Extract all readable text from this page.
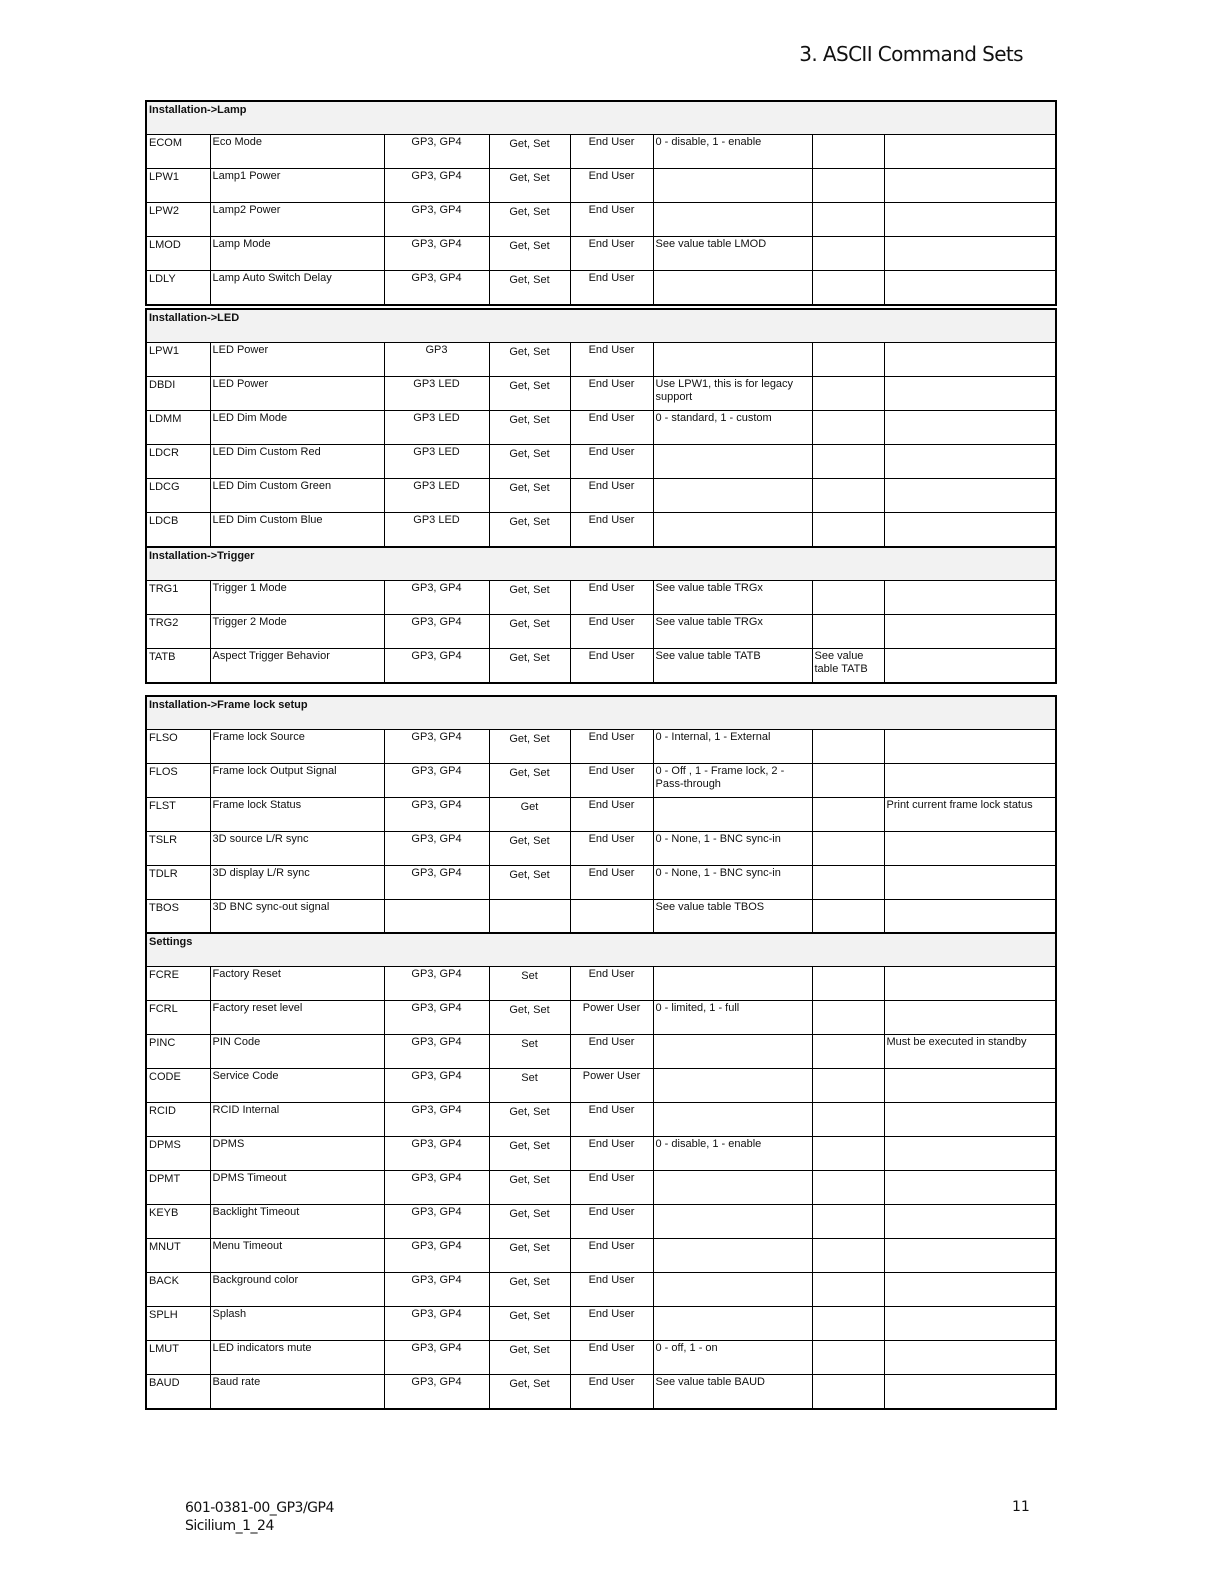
3. ASCII Command Sets
Installation->Lamp							
ECOM	Eco Mode	GP3, GP4	Get, Set	End User	0 - disable, 1 - enable		
LPW1	Lamp1 Power	GP3, GP4	Get, Set	End User			
LPW2	Lamp2 Power	GP3, GP4	Get, Set	End User			
LMOD	Lamp Mode	GP3, GP4	Get, Set	End User	See value table LMOD		
LDLY	Lamp Auto Switch Delay	GP3, GP4	Get, Set	End User			
Installation->LED							
LPW1	LED Power	GP3	Get, Set	End User			
DBDI	LED Power	GP3 LED	Get, Set	End User	Use LPW1, this is for legacy support		
LDMM	LED Dim Mode	GP3 LED	Get, Set	End User	0 - standard, 1 - custom		
LDCR	LED Dim Custom Red	GP3 LED	Get, Set	End User			
LDCG	LED Dim Custom Green	GP3 LED	Get, Set	End User			
LDCB	LED Dim Custom Blue	GP3 LED	Get, Set	End User			
Installation->Trigger							
TRG1	Trigger 1 Mode	GP3, GP4	Get, Set	End User	See value table TRGx		
TRG2	Trigger 2 Mode	GP3, GP4	Get, Set	End User	See value table TRGx		
TATB	Aspect Trigger Behavior	GP3, GP4	Get, Set	End User	See value table TATB	See value table TATB	
Installation->Frame lock setup							
FLSO	Frame lock Source	GP3, GP4	Get, Set	End User	0 - Internal, 1 - External		
FLOS	Frame lock Output Signal	GP3, GP4	Get, Set	End User	0 - Off , 1 - Frame lock, 2 - Pass-through		
FLST	Frame lock Status	GP3, GP4	Get	End User			Print current frame lock status
TSLR	3D source L/R sync	GP3, GP4	Get, Set	End User	0 - None, 1 - BNC sync-in		
TDLR	3D display L/R sync	GP3, GP4	Get, Set	End User	0 - None, 1 - BNC sync-in		
TBOS	3D BNC sync-out signal				See value table TBOS		
Settings							
FCRE	Factory Reset	GP3, GP4	Set	End User			
FCRL	Factory reset level	GP3, GP4	Get, Set	Power User	0 - limited, 1 - full		
PINC	PIN Code	GP3, GP4	Set	End User			Must be executed in standby
CODE	Service Code	GP3, GP4	Set	Power User			
RCID	RCID Internal	GP3, GP4	Get, Set	End User			
DPMS	DPMS	GP3, GP4	Get, Set	End User	0 - disable, 1 - enable		
DPMT	DPMS Timeout	GP3, GP4	Get, Set	End User			
KEYB	Backlight Timeout	GP3, GP4	Get, Set	End User			
MNUT	Menu Timeout	GP3, GP4	Get, Set	End User			
BACK	Background color	GP3, GP4	Get, Set	End User			
SPLH	Splash	GP3, GP4	Get, Set	End User			
LMUT	LED indicators mute	GP3, GP4	Get, Set	End User	0 - off, 1 - on		
BAUD	Baud rate	GP3, GP4	Get, Set	End User	See value table BAUD		
601-0381-00_GP3/GP4
Sicilium_1_24
11
